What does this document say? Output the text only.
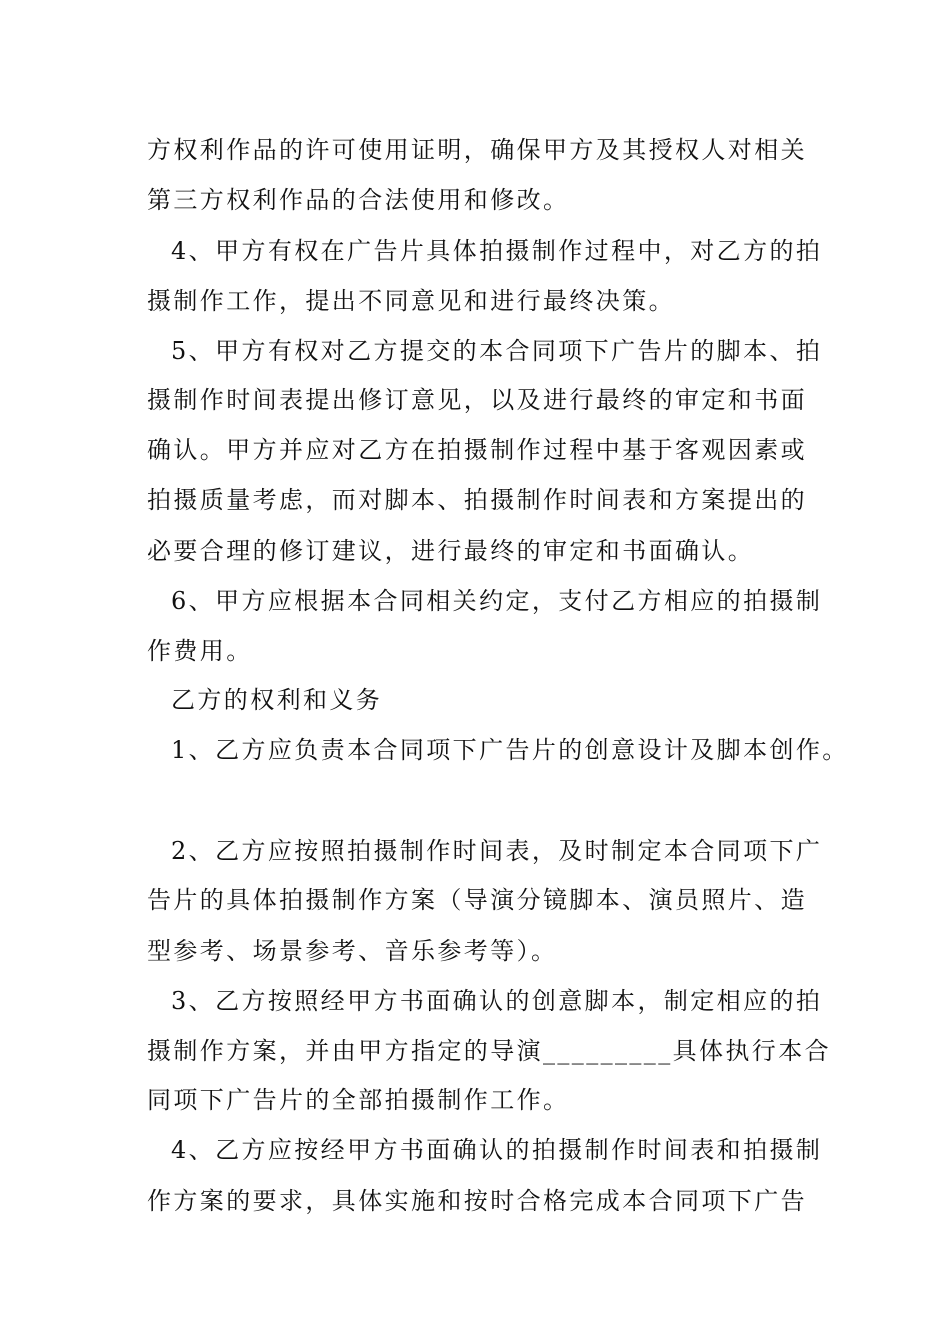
方权利作品的许可使用证明，确保甲方及其授权人对相关
第三方权利作品的合法使用和修改。
4、甲方有权在广告片具体拍摄制作过程中，对乙方的拍
摄制作工作，提出不同意见和进行最终决策。
5、甲方有权对乙方提交的本合同项下广告片的脚本、拍
摄制作时间表提出修订意见，以及进行最终的审定和书面
确认。甲方并应对乙方在拍摄制作过程中基于客观因素或
拍摄质量考虑，而对脚本、拍摄制作时间表和方案提出的
必要合理的修订建议，进行最终的审定和书面确认。
6、甲方应根据本合同相关约定，支付乙方相应的拍摄制
作费用。
乙方的权利和义务
1、乙方应负责本合同项下广告片的创意设计及脚本创作。
2、乙方应按照拍摄制作时间表，及时制定本合同项下广
告片的具体拍摄制作方案（导演分镜脚本、演员照片、造
型参考、场景参考、音乐参考等）。
3、乙方按照经甲方书面确认的创意脚本，制定相应的拍
摄制作方案，并由甲方指定的导演_________具体执行本合
同项下广告片的全部拍摄制作工作。
4、乙方应按经甲方书面确认的拍摄制作时间表和拍摄制
作方案的要求，具体实施和按时合格完成本合同项下广告
